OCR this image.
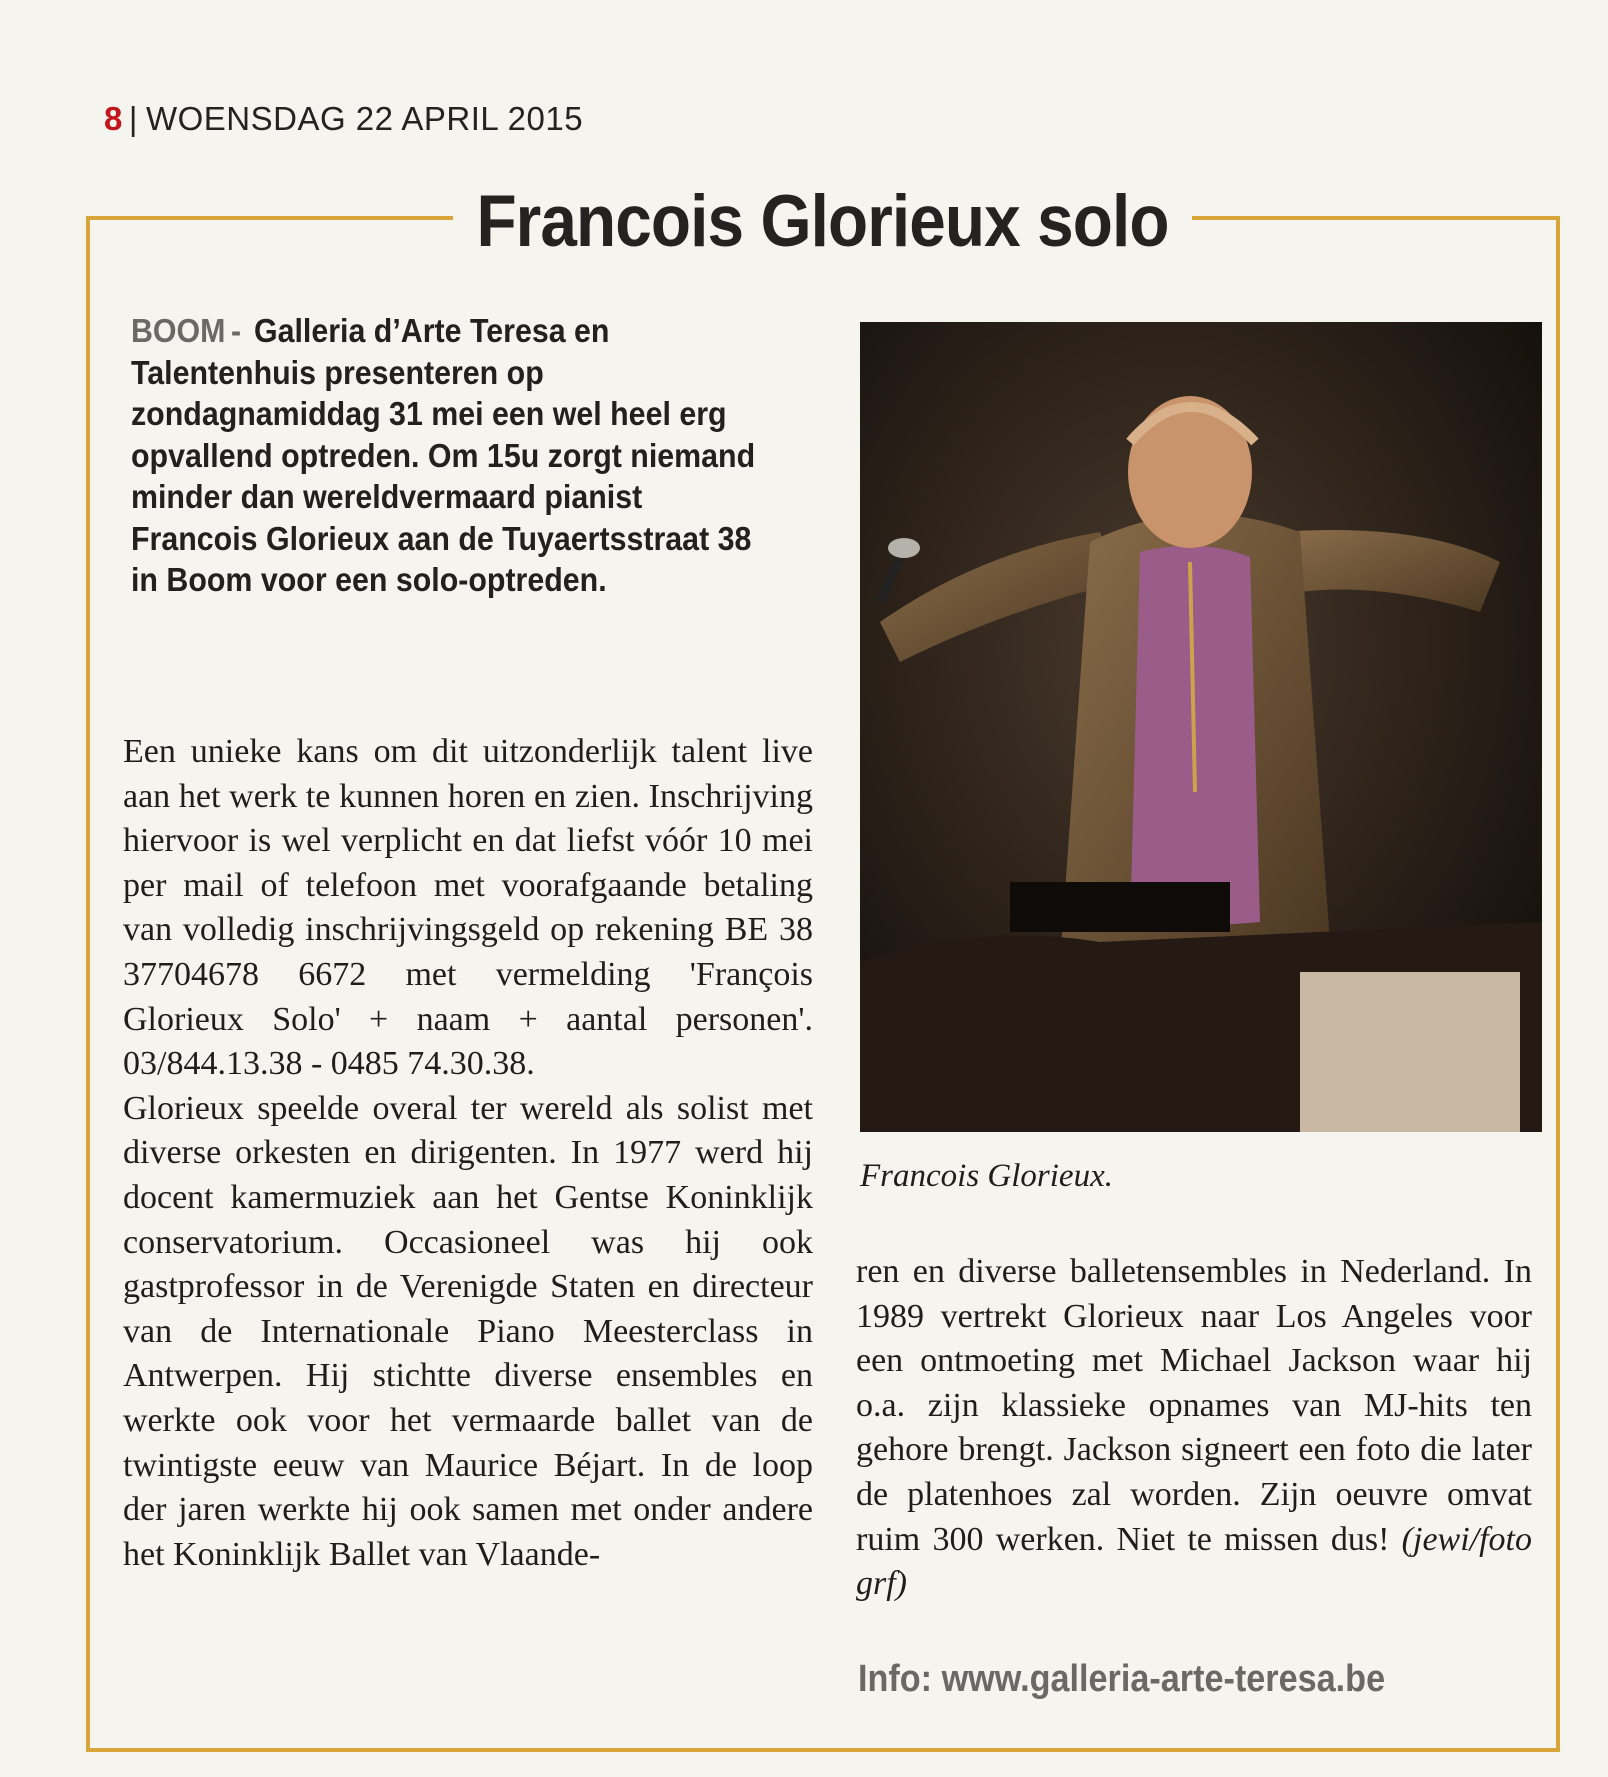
8 | WOENSDAG 22 APRIL 2015
Francois Glorieux solo
BOOM - Galleria d’Arte Teresa en Talentenhuis presenteren op zondagnamiddag 31 mei een wel heel erg opvallend optreden. Om 15u zorgt niemand minder dan wereldvermaard pianist Francois Glorieux aan de Tuyaertsstraat 38 in Boom voor een solo-optreden.

Een unieke kans om dit uitzonderlijk talent live aan het werk te kunnen horen en zien. Inschrijving hiervoor is wel verplicht en dat liefst vóór 10 mei per mail of telefoon met voorafgaande betaling van volledig inschrijvingsgeld op rekening BE 38 37704678 6672 met vermelding 'François Glorieux Solo' + naam + aantal personen'. 03/844.13.38 - 0485 74.30.38.

Glorieux speelde overal ter wereld als solist met diverse orkesten en dirigenten. In 1977 werd hij docent kamermuziek aan het Gentse Koninklijk conservatorium. Occasioneel was hij ook gastprofessor in de Verenigde Staten en directeur van de Internationale Piano Meesterclass in Antwerpen. Hij stichtte diverse ensembles en werkte ook voor het vermaarde ballet van de twintigste eeuw van Maurice Béjart. In de loop der jaren werkte hij ook samen met onder andere het Koninklijk Ballet van Vlaande-

Francois Glorieux.

ren en diverse balletensembles in Nederland. In 1989 vertrekt Glorieux naar Los Angeles voor een ontmoeting met Michael Jackson waar hij o.a. zijn klassieke opnames van MJ-hits ten gehore brengt. Jackson signeert een foto die later de platenhoes zal worden. Zijn oeuvre omvat ruim 300 werken. Niet te missen dus! (jewi/foto grf)

Info: www.galleria-arte-teresa.be
